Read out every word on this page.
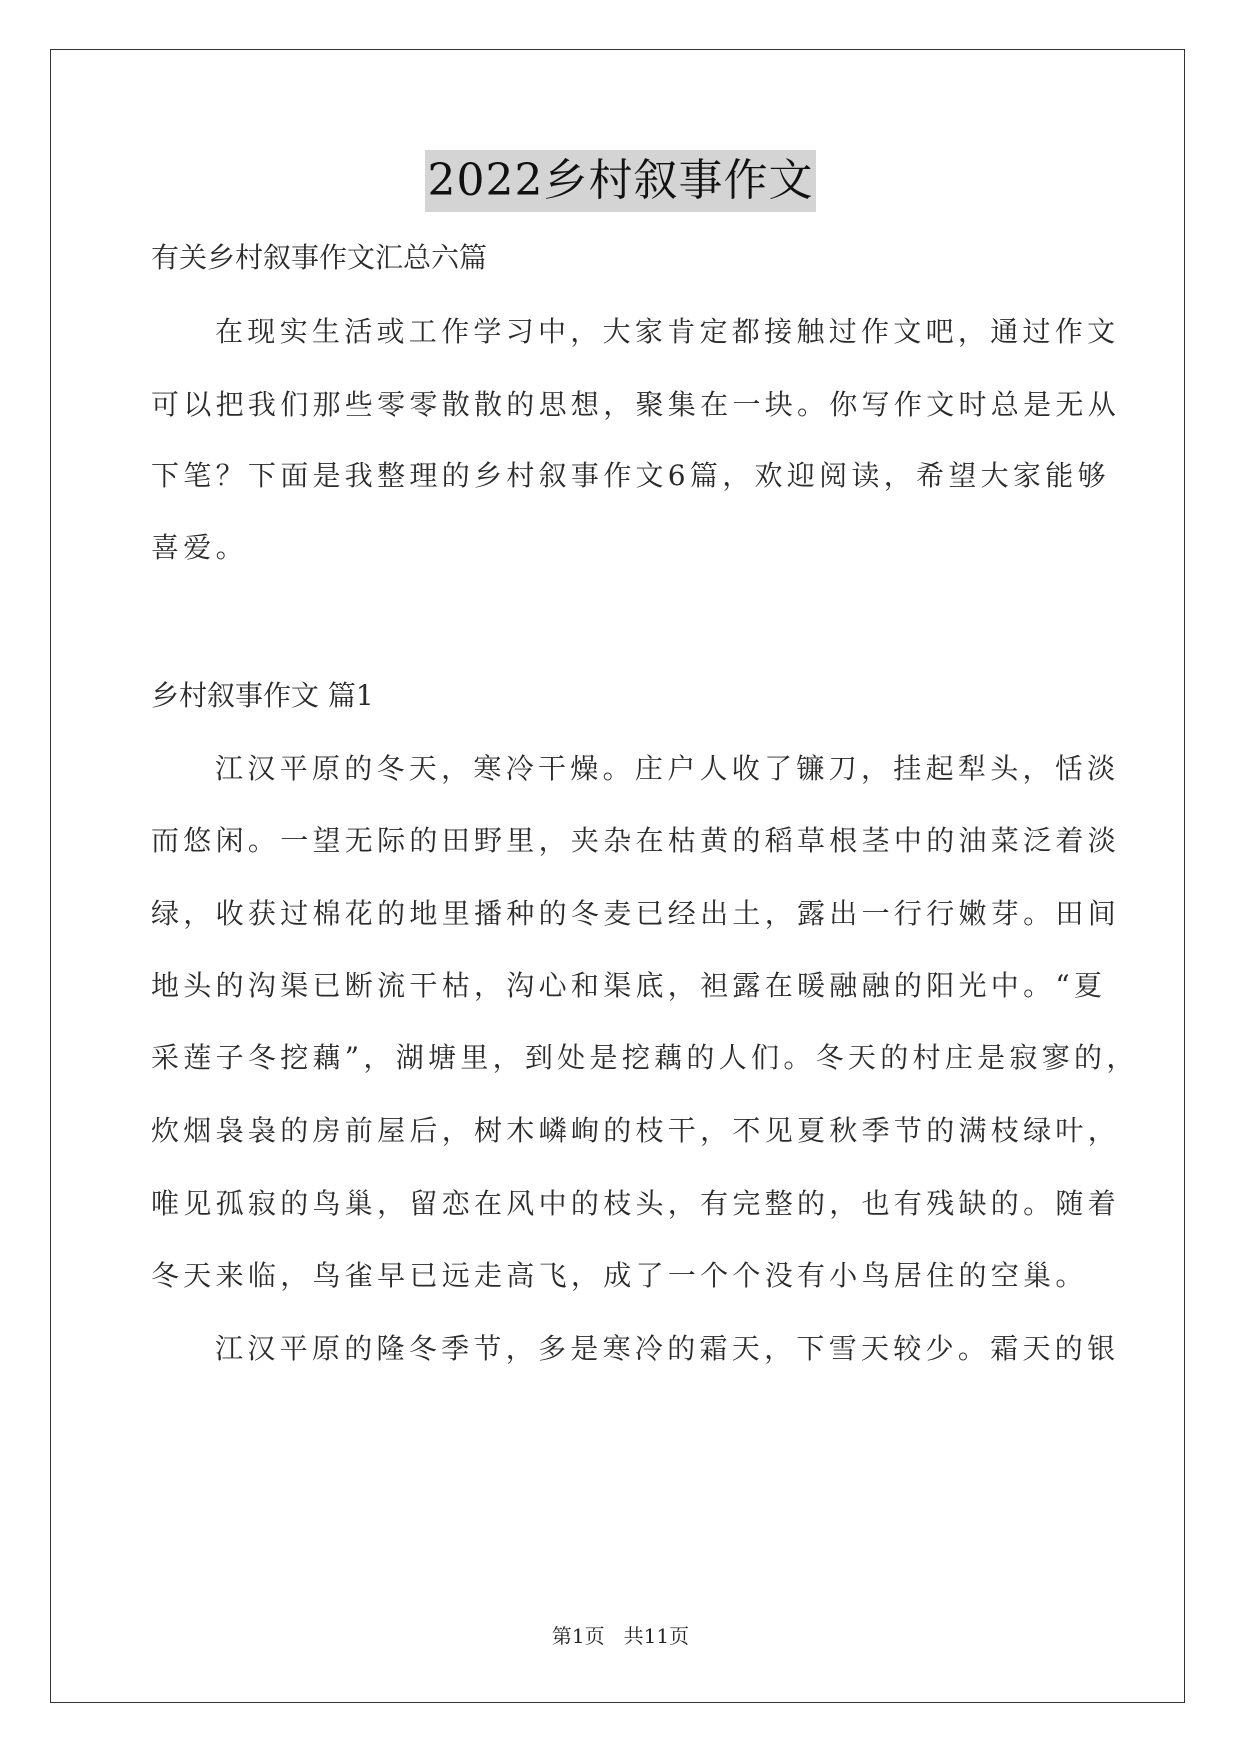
2022乡村叙事作文
有关乡村叙事作文汇总六篇
在现实生活或工作学习中，大家肯定都接触过作文吧，通过作文
可以把我们那些零零散散的思想，聚集在一块。你写作文时总是无从
下笔？下面是我整理的乡村叙事作文6篇，欢迎阅读，希望大家能够
喜爱。
乡村叙事作文 篇1
江汉平原的冬天，寒冷干燥。庄户人收了镰刀，挂起犁头，恬淡
而悠闲。一望无际的田野里，夹杂在枯黄的稻草根茎中的油菜泛着淡
绿，收获过棉花的地里播种的冬麦已经出土，露出一行行嫩芽。田间
地头的沟渠已断流干枯，沟心和渠底，袒露在暖融融的阳光中。“夏
采莲子冬挖藕”，湖塘里，到处是挖藕的人们。冬天的村庄是寂寥的，
炊烟袅袅的房前屋后，树木嶙峋的枝干，不见夏秋季节的满枝绿叶，
唯见孤寂的鸟巢，留恋在风中的枝头，有完整的，也有残缺的。随着
冬天来临，鸟雀早已远走高飞，成了一个个没有小鸟居住的空巢。
江汉平原的隆冬季节，多是寒冷的霜天，下雪天较少。霜天的银
第1页   共11页
